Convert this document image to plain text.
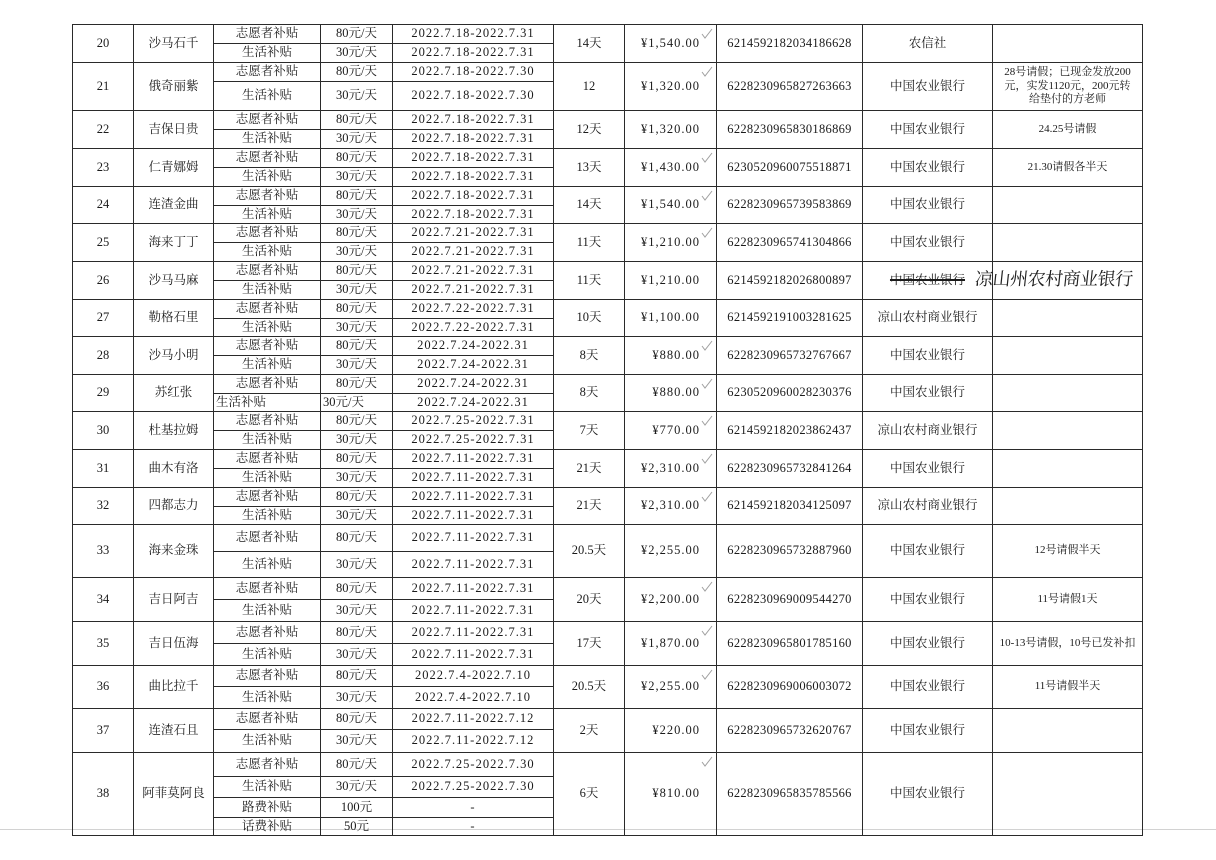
20	沙马石千	志愿者补贴	80元/天	2022.7.18-2022.7.31	14天	¥1,540.00	6214592182034186628	农信社	
		生活补贴	30元/天	2022.7.18-2022.7.31					
21	俄奇丽紫	志愿者补贴	80元/天	2022.7.18-2022.7.30	12	¥1,320.00	6228230965827263663	中国农业银行	28号请假；已现金发放200元，实发1120元，200元转给垫付的方老师
		生活补贴	30元/天	2022.7.18-2022.7.30					
22	吉保日贵	志愿者补贴	80元/天	2022.7.18-2022.7.31	12天	¥1,320.00	6228230965830186869	中国农业银行	24.25号请假
		生活补贴	30元/天	2022.7.18-2022.7.31					
23	仁青娜姆	志愿者补贴	80元/天	2022.7.18-2022.7.31	13天	¥1,430.00	6230520960075518871	中国农业银行	21.30请假各半天
		生活补贴	30元/天	2022.7.18-2022.7.31					
24	连渣金曲	志愿者补贴	80元/天	2022.7.18-2022.7.31	14天	¥1,540.00	6228230965739583869	中国农业银行	
		生活补贴	30元/天	2022.7.18-2022.7.31					
25	海来丁丁	志愿者补贴	80元/天	2022.7.21-2022.7.31	11天	¥1,210.00	6228230965741304866	中国农业银行	
		生活补贴	30元/天	2022.7.21-2022.7.31					
26	沙马马麻	志愿者补贴	80元/天	2022.7.21-2022.7.31	11天	¥1,210.00	6214592182026800897	中国农业银行 凉山州农村商业银行	

		生活补贴	30元/天	2022.7.21-2022.7.31					
27	勒格石里	志愿者补贴	80元/天	2022.7.22-2022.7.31	10天	¥1,100.00	6214592191003281625	凉山农村商业银行	
		生活补贴	30元/天	2022.7.22-2022.7.31					
28	沙马小明	志愿者补贴	80元/天	2022.7.24-2022.31	8天	¥880.00	6228230965732767667	中国农业银行	
		生活补贴	30元/天	2022.7.24-2022.31					
29	苏红张	志愿者补贴	80元/天	2022.7.24-2022.31	8天	¥880.00	6230520960028230376	中国农业银行	
		生活补贴	30元/天	2022.7.24-2022.31					
30	杜基拉姆	志愿者补贴	80元/天	2022.7.25-2022.7.31	7天	¥770.00	6214592182023862437	凉山农村商业银行	
		生活补贴	30元/天	2022.7.25-2022.7.31					
31	曲木有洛	志愿者补贴	80元/天	2022.7.11-2022.7.31	21天	¥2,310.00	6228230965732841264	中国农业银行	
		生活补贴	30元/天	2022.7.11-2022.7.31					
32	四都志力	志愿者补贴	80元/天	2022.7.11-2022.7.31	21天	¥2,310.00	6214592182034125097	凉山农村商业银行	
		生活补贴	30元/天	2022.7.11-2022.7.31					
33	海来金珠	志愿者补贴	80元/天	2022.7.11-2022.7.31	20.5天	¥2,255.00	6228230965732887960	中国农业银行	12号请假半天
		生活补贴	30元/天	2022.7.11-2022.7.31					
34	吉日阿吉	志愿者补贴	80元/天	2022.7.11-2022.7.31	20天	¥2,200.00	6228230969009544270	中国农业银行	11号请假1天
		生活补贴	30元/天	2022.7.11-2022.7.31					
35	吉日伍海	志愿者补贴	80元/天	2022.7.11-2022.7.31	17天	¥1,870.00	6228230965801785160	中国农业银行	10-13号请假，10号已发补扣
		生活补贴	30元/天	2022.7.11-2022.7.31					
36	曲比拉千	志愿者补贴	80元/天	2022.7.4-2022.7.10	20.5天	¥2,255.00	6228230969006003072	中国农业银行	11号请假半天
		生活补贴	30元/天	2022.7.4-2022.7.10					
37	连渣石且	志愿者补贴	80元/天	2022.7.11-2022.7.12	2天	¥220.00	6228230965732620767	中国农业银行	
		生活补贴	30元/天	2022.7.11-2022.7.12					
38	阿菲莫阿良	志愿者补贴	80元/天	2022.7.25-2022.7.30	6天	¥810.00	6228230965835785566	中国农业银行	
		生活补贴	30元/天	2022.7.25-2022.7.30					
		路费补贴	100元	-					
		话费补贴	50元	-					
